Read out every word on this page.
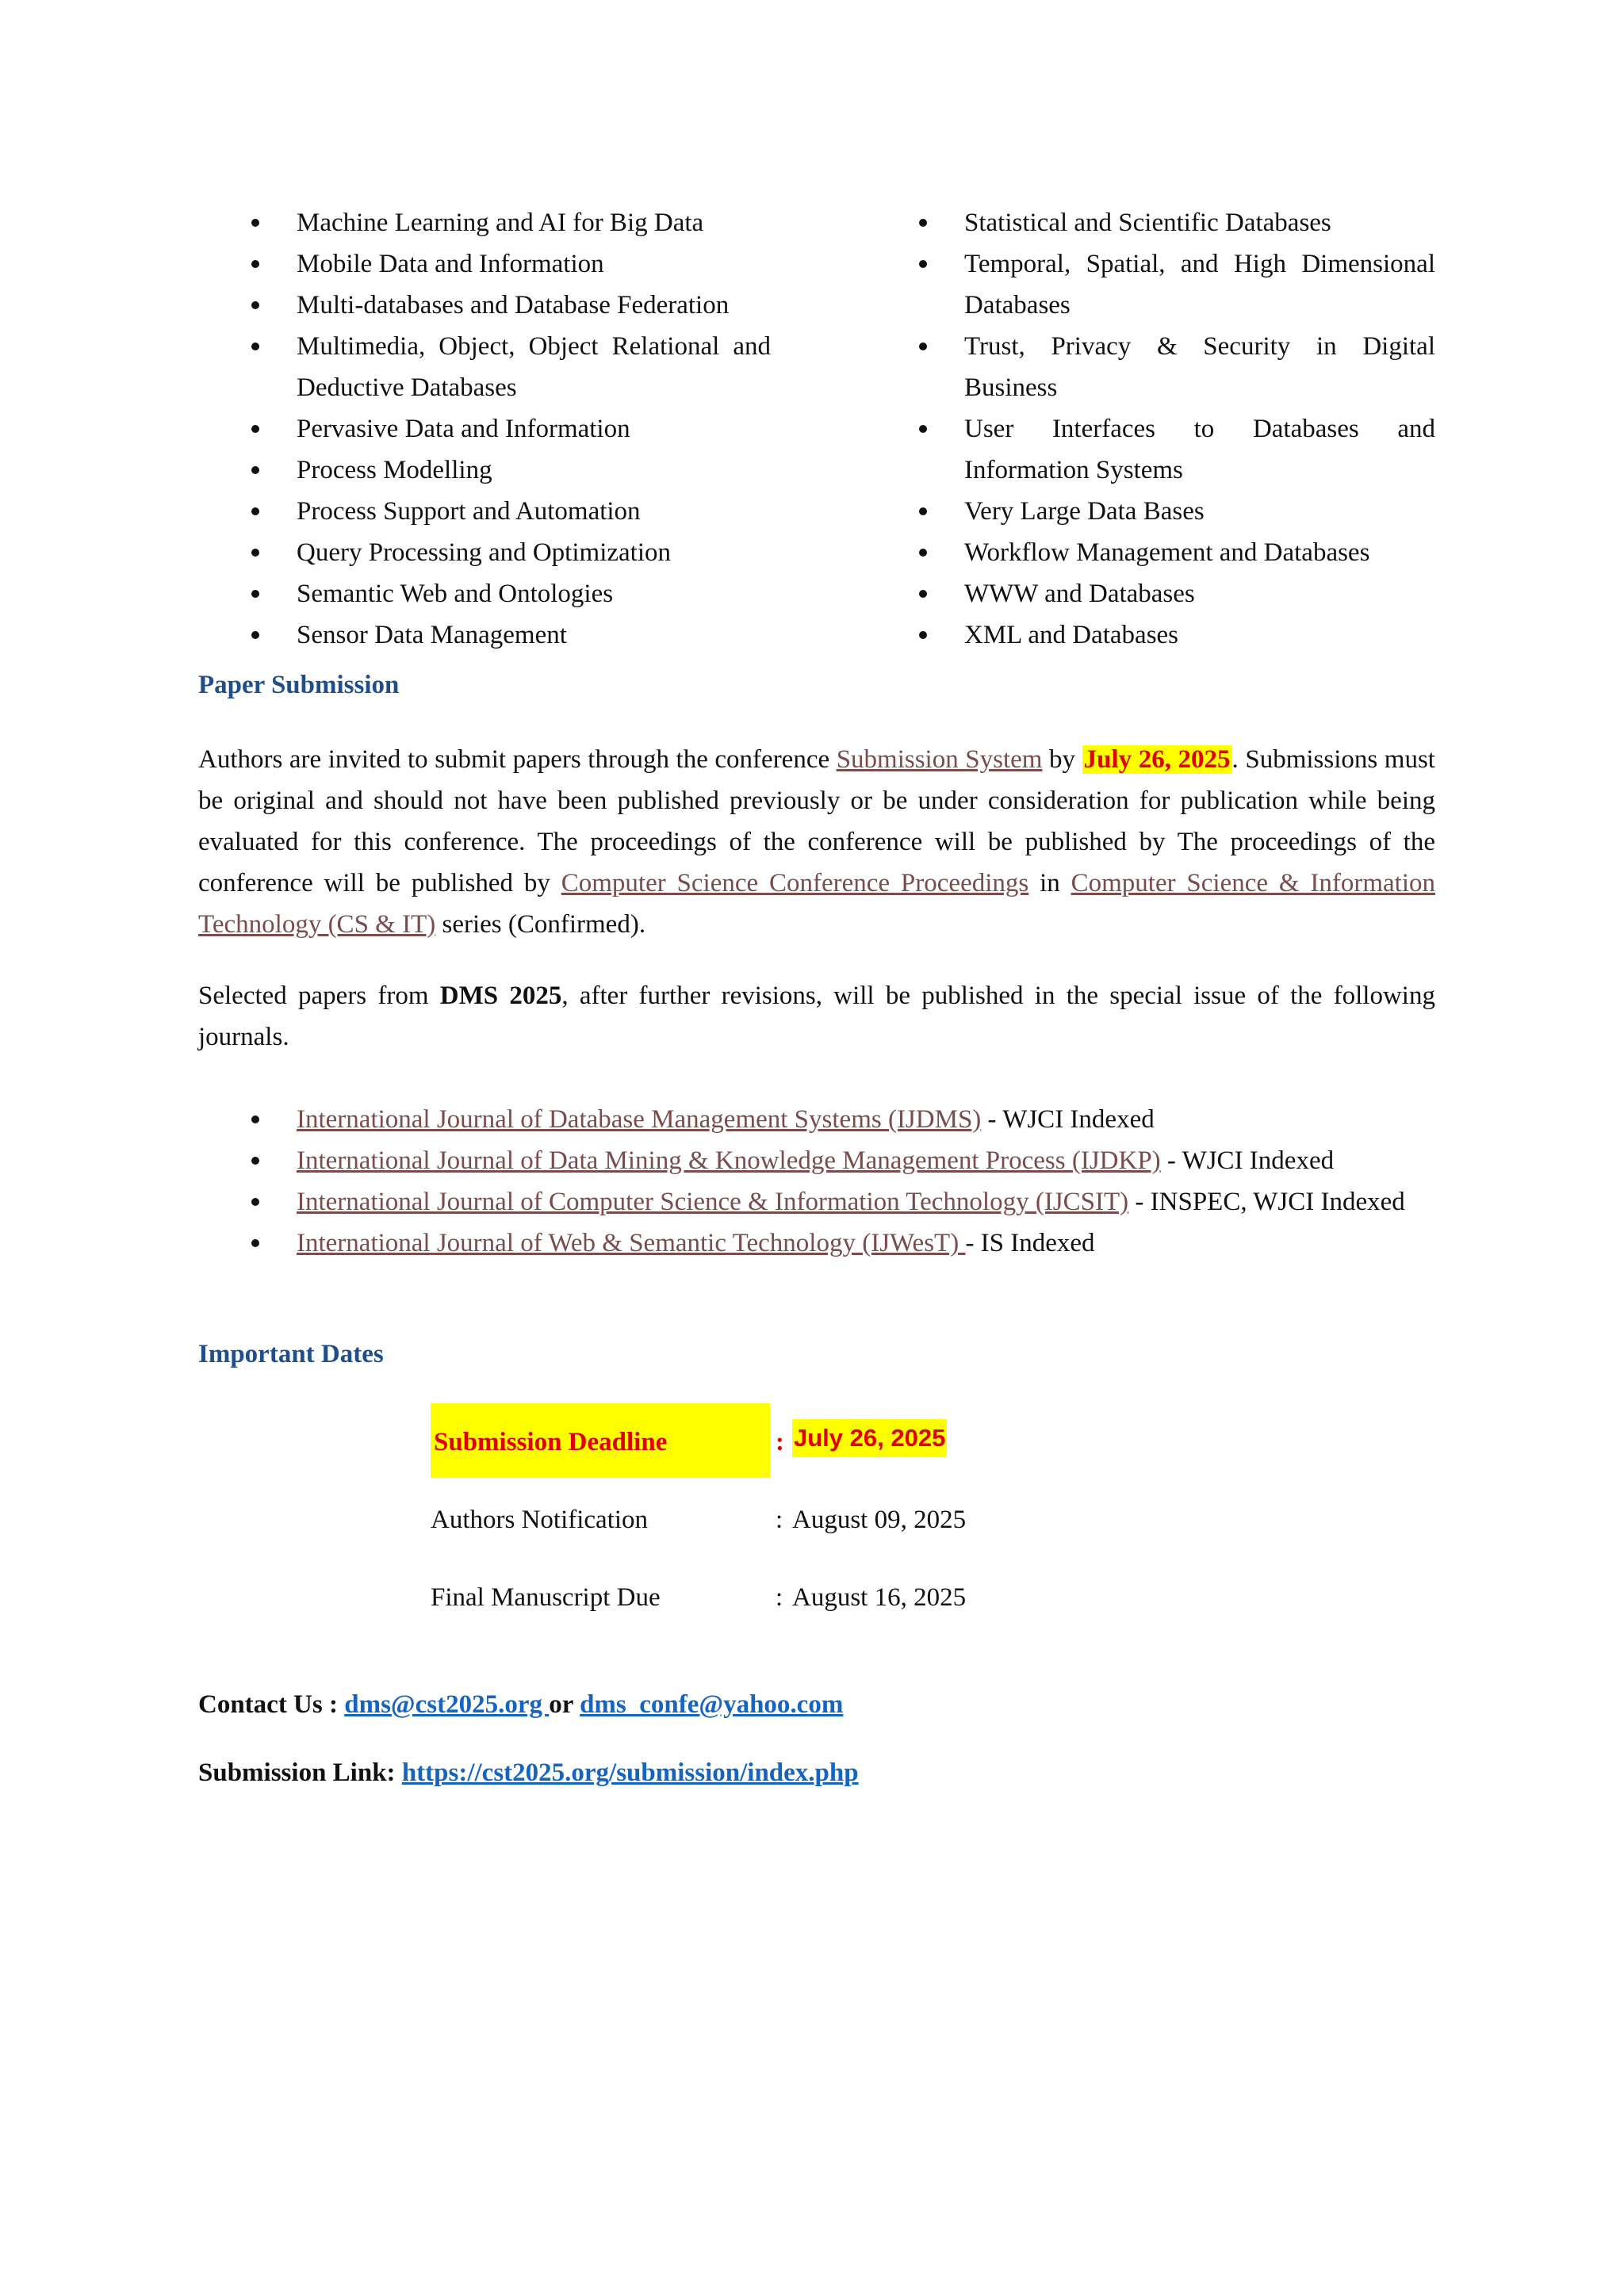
Machine Learning and AI for Big Data
Mobile Data and Information
Multi-databases and Database Federation
Multimedia, Object, Object Relational and Deductive Databases
Pervasive Data and Information
Process Modelling
Process Support and Automation
Query Processing and Optimization
Semantic Web and Ontologies
Sensor Data Management
Statistical and Scientific Databases
Temporal, Spatial, and High Dimensional Databases
Trust, Privacy & Security in Digital Business
User Interfaces to Databases and Information Systems
Very Large Data Bases
Workflow Management and Databases
WWW and Databases
XML and Databases
Paper Submission

Authors are invited to submit papers through the conference Submission System by July 26, 2025. Submissions must be original and should not have been published previously or be under consideration for publication while being evaluated for this conference. The proceedings of the conference will be published by The proceedings of the conference will be published by Computer Science Conference Proceedings in Computer Science & Information Technology (CS & IT) series (Confirmed).

Selected papers from DMS 2025, after further revisions, will be published in the special issue of the following journals.

International Journal of Database Management Systems (IJDMS) - WJCI Indexed
International Journal of Data Mining & Knowledge Management Process (IJDKP) - WJCI Indexed
International Journal of Computer Science & Information Technology (IJCSIT) - INSPEC, WJCI Indexed
International Journal of Web & Semantic Technology (IJWesT) - IS Indexed
Important Dates
Submission Deadline	: July 26, 2025
Authors Notification	: August 09, 2025
Final Manuscript Due	: August 16, 2025

Contact Us : dms@cst2025.org or dms_confe@yahoo.com

Submission Link: https://cst2025.org/submission/index.php
